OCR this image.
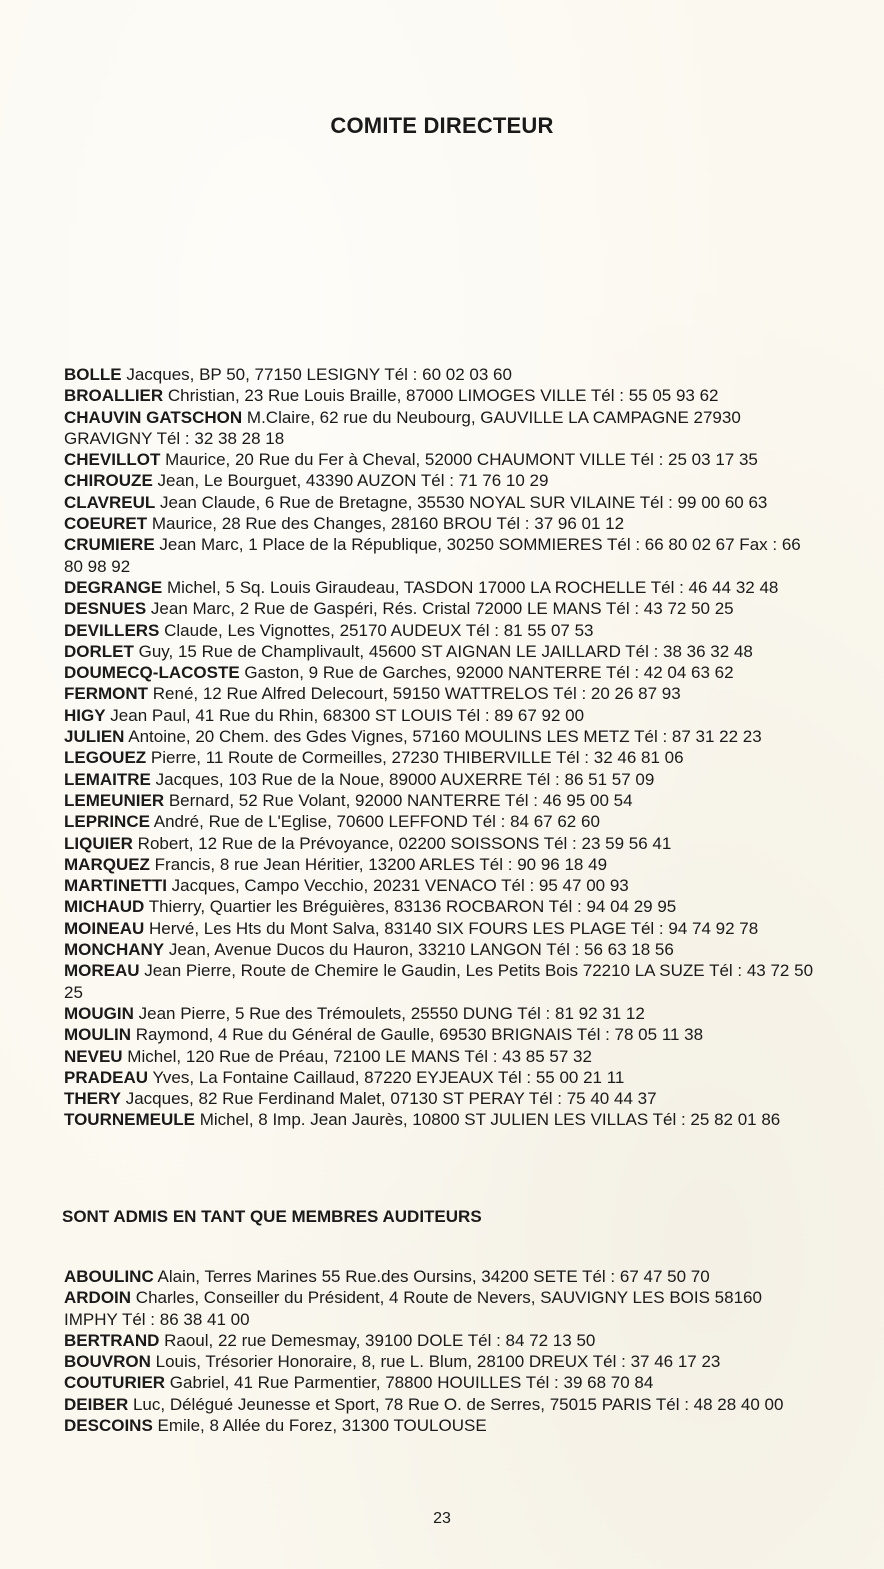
COMITE DIRECTEUR
BOLLE Jacques, BP 50, 77150 LESIGNY Tél : 60 02 03 60
BROALLIER Christian, 23 Rue Louis Braille, 87000 LIMOGES VILLE Tél : 55 05 93 62
CHAUVIN GATSCHON M.Claire, 62 rue du Neubourg, GAUVILLE LA CAMPAGNE 27930 GRAVIGNY Tél : 32 38 28 18
CHEVILLOT Maurice, 20 Rue du Fer à Cheval, 52000 CHAUMONT VILLE Tél : 25 03 17 35
CHIROUZE Jean, Le Bourguet, 43390 AUZON Tél : 71 76 10 29
CLAVREUL Jean Claude, 6 Rue de Bretagne, 35530 NOYAL SUR VILAINE Tél : 99 00 60 63
COEURET Maurice, 28 Rue des Changes, 28160 BROU Tél : 37 96 01 12
CRUMIERE Jean Marc, 1 Place de la République, 30250 SOMMIERES Tél : 66 80 02 67 Fax : 66 80 98 92
DEGRANGE Michel, 5 Sq. Louis Giraudeau, TASDON 17000 LA ROCHELLE Tél : 46 44 32 48
DESNUES Jean Marc, 2 Rue de Gaspéri, Rés. Cristal 72000 LE MANS Tél : 43 72 50 25
DEVILLERS Claude, Les Vignottes, 25170 AUDEUX Tél : 81 55 07 53
DORLET Guy, 15 Rue de Champlivault, 45600 ST AIGNAN LE JAILLARD Tél : 38 36 32 48
DOUMECQ-LACOSTE Gaston, 9 Rue de Garches, 92000 NANTERRE Tél : 42 04 63 62
FERMONT René, 12 Rue Alfred Delecourt, 59150 WATTRELOS Tél : 20 26 87 93
HIGY Jean Paul, 41 Rue du Rhin, 68300 ST LOUIS Tél : 89 67 92 00
JULIEN Antoine, 20 Chem. des Gdes Vignes, 57160 MOULINS LES METZ Tél : 87 31 22 23
LEGOUEZ Pierre, 11 Route de Cormeilles, 27230 THIBERVILLE Tél : 32 46 81 06
LEMAITRE Jacques, 103 Rue de la Noue, 89000 AUXERRE Tél : 86 51 57 09
LEMEUNIER Bernard, 52 Rue Volant, 92000 NANTERRE Tél : 46 95 00 54
LEPRINCE André, Rue de L'Eglise, 70600 LEFFOND Tél : 84 67 62 60
LIQUIER Robert, 12 Rue de la Prévoyance, 02200 SOISSONS Tél : 23 59 56 41
MARQUEZ Francis, 8 rue Jean Héritier, 13200 ARLES Tél : 90 96 18 49
MARTINETTI Jacques, Campo Vecchio, 20231 VENACO Tél : 95 47 00 93
MICHAUD Thierry, Quartier les Bréguières, 83136 ROCBARON Tél : 94 04 29 95
MOINEAU Hervé, Les Hts du Mont Salva, 83140 SIX FOURS LES PLAGE Tél : 94 74 92 78
MONCHANY Jean, Avenue Ducos du Hauron, 33210 LANGON Tél : 56 63 18 56
MOREAU Jean Pierre, Route de Chemire le Gaudin, Les Petits Bois 72210 LA SUZE Tél : 43 72 50 25
MOUGIN Jean Pierre, 5 Rue des Trémoulets, 25550 DUNG Tél : 81 92 31 12
MOULIN Raymond, 4 Rue du Général de Gaulle, 69530 BRIGNAIS Tél : 78 05 11 38
NEVEU Michel, 120 Rue de Préau, 72100 LE MANS Tél : 43 85 57 32
PRADEAU Yves, La Fontaine Caillaud, 87220 EYJEAUX Tél : 55 00 21 11
THERY Jacques, 82 Rue Ferdinand Malet, 07130 ST PERAY Tél : 75 40 44 37
TOURNEMEULE Michel, 8 Imp. Jean Jaurès, 10800 ST JULIEN LES VILLAS Tél : 25 82 01 86
SONT ADMIS EN TANT QUE MEMBRES AUDITEURS
ABOULINC Alain, Terres Marines 55 Rue.des Oursins, 34200 SETE Tél : 67 47 50 70
ARDOIN Charles, Conseiller du Président, 4 Route de Nevers, SAUVIGNY LES BOIS 58160 IMPHY Tél : 86 38 41 00
BERTRAND Raoul, 22 rue Demesmay, 39100 DOLE Tél : 84 72 13 50
BOUVRON Louis, Trésorier Honoraire, 8, rue L. Blum, 28100 DREUX Tél : 37 46 17 23
COUTURIER Gabriel, 41 Rue Parmentier, 78800 HOUILLES Tél : 39 68 70 84
DEIBER Luc, Délégué Jeunesse et Sport, 78 Rue O. de Serres, 75015 PARIS Tél : 48 28 40 00
DESCOINS Emile, 8 Allée du Forez, 31300 TOULOUSE
23
